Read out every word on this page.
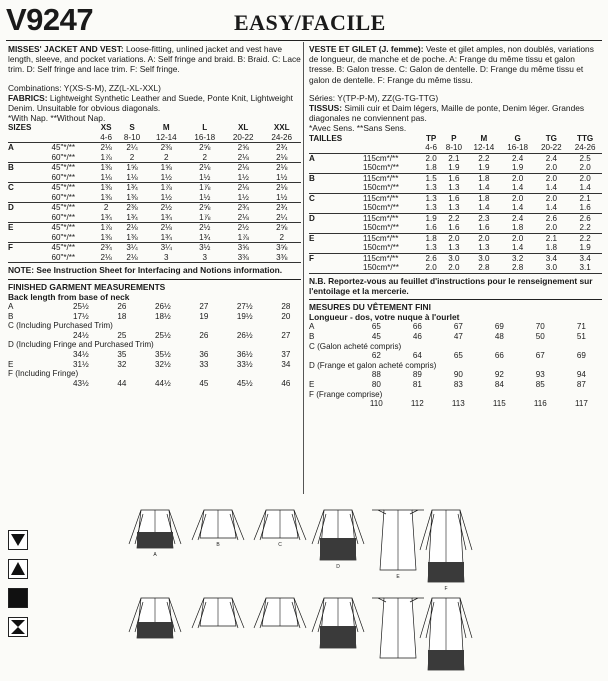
V9247	EASY/FACILE

MISSES' JACKET AND VEST: Loose-fitting, unlined jacket and vest have length, sleeve, and pocket variations. A: Self fringe and braid. B: Braid. C: Lace trim. D: Self fringe and lace trim. F: Self fringe.

Combinations: Y(XS-S-M), ZZ(L-XL-XXL)
FABRICS: Lightweight Synthetic Leather and Suede, Ponte Knit, Lightweight Denim. Unsuitable for obvious diagonals.
*With Nap. **Without Nap.
SIZES		XS	S	M	L	XL	XXL
		4-6	8-10	12-14	16-18	20-22	24-26
A	45"*/**	2⅛	2¼	2⅜	2⅝	2⅝	2¾
	60"*/**	1⅞	2	2	2	2⅛	2⅛
B	45"*/**	1⅜	1⅝	1⅝	2⅛	2⅛	2⅛
	60"*/**	1⅛	1⅛	1½	1½	1½	1½
C	45"*/**	1⅜	1¾	1⅞	1⅞	2⅛	2⅛
	60"*/**	1⅜	1⅜	1½	1½	1½	1½
D	45"*/**	2	2⅜	2½	2⅝	2¾	2¾
	60"*/**	1¾	1¾	1¾	1⅞	2⅛	2¼
E	45"*/**	1⅞	2⅛	2⅛	2½	2½	2⅝
	60"*/**	1⅜	1⅜	1¾	1¾	1⅞	2
F	45"*/**	2¾	3¼	3¼	3½	3⅝	3⅝
	60"*/**	2⅛	2⅛	3	3	3⅜	3⅜
NOTE: See Instruction Sheet for Interfacing and Notions information.
FINISHED GARMENT MEASUREMENTS
Back length from base of neck
A	25½	26	26½	27	27½	28
B	17½	18	18½	19	19½	20
C (Including Purchased Trim)						
	24½	25	25½	26	26½	27
D (Including Fringe and Purchased Trim)						
	34½	35	35½	36	36½	37
E	31½	32	32½	33	33½	34
F (Including Fringe)						
	43½	44	44½	45	45½	46

VESTE ET GILET (J. femme): Veste et gilet amples, non doublés, variations de longueur, de manche et de poche. A: Frange du même tissu et galon tresse. B: Galon tresse. C: Galon de dentelle. D: Frange du même tissu et galon de dentelle. F: Frange du même tissu.

Séries: Y(TP-P-M), ZZ(G-TG-TTG)
TISSUS: Simili cuir et Daim légers, Maille de ponte, Denim léger. Grandes diagonales ne conviennent pas.
*Avec Sens. **Sans Sens.
TAILLES		TP	P	M	G	TG	TTG
		4-6	8-10	12-14	16-18	20-22	24-26
A	115cm*/**	2.0	2.1	2.2	2.4	2.4	2.5
	150cm*/**	1.8	1.9	1.9	1.9	2.0	2.0
B	115cm*/**	1.5	1.6	1.8	2.0	2.0	2.0
	150cm*/**	1.3	1.3	1.4	1.4	1.4	1.4
C	115cm*/**	1.3	1.6	1.8	2.0	2.0	2.1
	150cm*/**	1.3	1.3	1.4	1.4	1.4	1.6
D	115cm*/**	1.9	2.2	2.3	2.4	2.6	2.6
	150cm*/**	1.6	1.6	1.6	1.8	2.0	2.2
E	115cm*/**	1.8	2.0	2.0	2.0	2.1	2.2
	150cm*/**	1.3	1.3	1.3	1.4	1.8	1.9
F	115cm*/**	2.6	3.0	3.0	3.2	3.4	3.4
	150cm*/**	2.0	2.0	2.8	2.8	3.0	3.1
N.B. Reportez-vous au feuillet d'instructions pour le renseignement sur l'entoilage et la mercerie.
MESURES DU VÊTEMENT FINI
Longueur - dos, votre nuque à l'ourlet
A	65	66	67	69	70	71
B	45	46	47	48	50	51
C (Galon acheté compris)						
	62	64	65	66	67	69
D (Frange et galon acheté compris)						
	88	89	90	92	93	94
E	80	81	83	84	85	87
F (Frange comprise)						
	110	112	113	115	116	117
A
B	C
D
E
F
